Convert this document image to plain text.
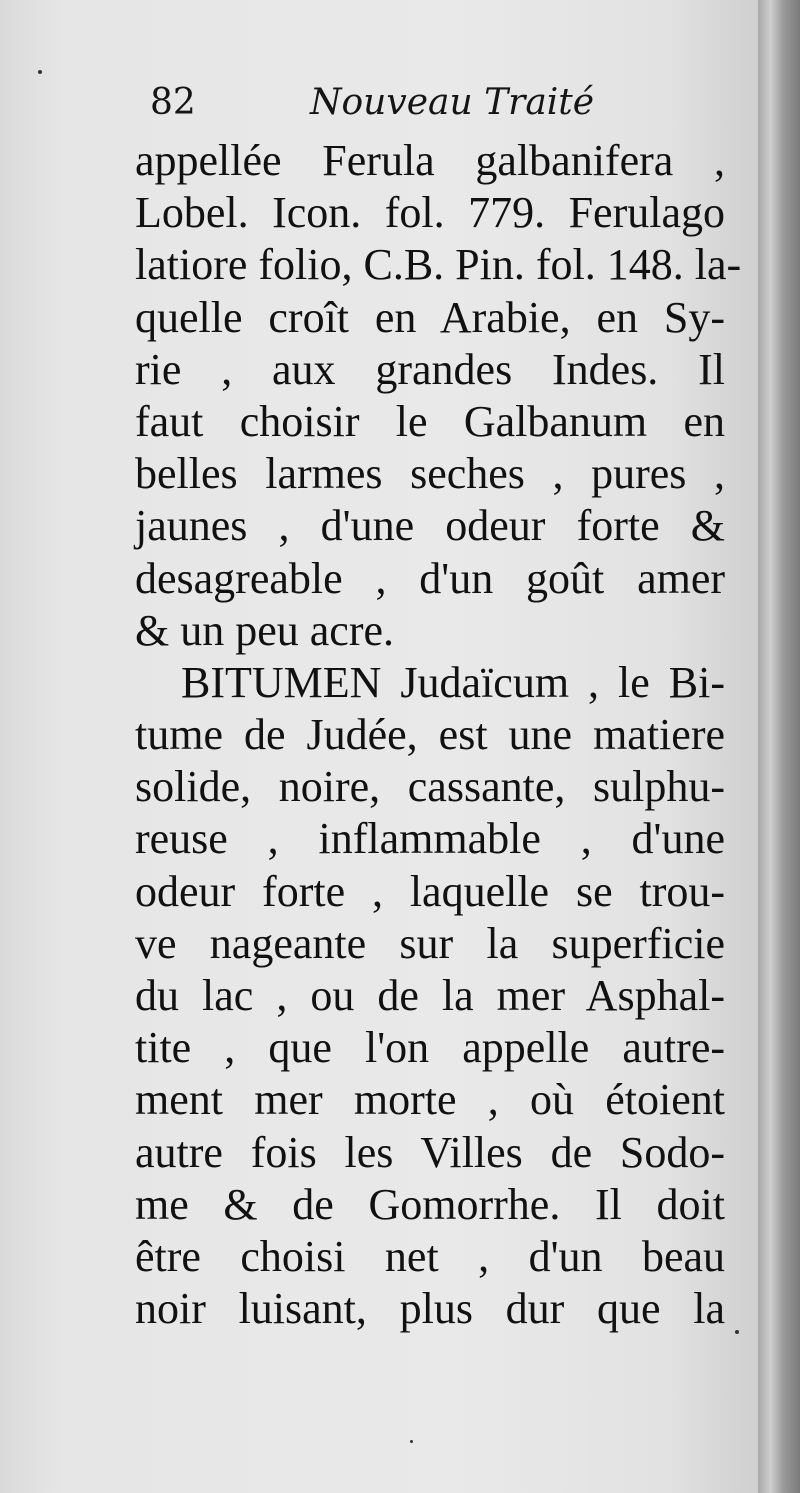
82	Nouveau Traité
appellée Ferula galbanifera ,
Lobel. Icon. fol. 779. Ferulago
latiore folio, C.B. Pin. fol. 148. la-
quelle croît en Arabie, en Sy-
rie , aux grandes Indes. Il
faut choisir le Galbanum en
belles larmes seches , pures ,
jaunes , d'une odeur forte &
desagreable , d'un goût amer
& un peu acre.
BITUMEN Judaïcum , le Bi-
tume de Judée, est une matiere
solide, noire, cassante, sulphu-
reuse , inflammable , d'une
odeur forte , laquelle se trou-
ve nageante sur la superficie
du lac , ou de la mer Asphal-
tite , que l'on appelle autre-
ment mer morte , où étoient
autre fois les Villes de Sodo-
me & de Gomorrhe. Il doit
être choisi net , d'un beau
noir luisant, plus dur que la
